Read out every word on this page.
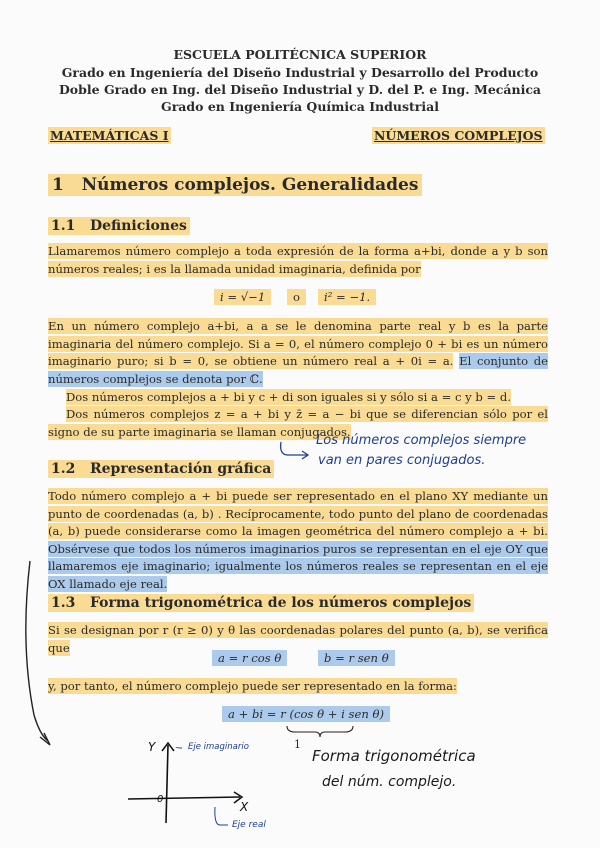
ESCUELA POLITÉCNICA SUPERIOR
Grado en Ingeniería del Diseño Industrial y Desarrollo del Producto
Doble Grado en Ing. del Diseño Industrial y D. del P. e Ing. Mecánica
Grado en Ingeniería Química Industrial
MATEMÁTICAS I	NÚMEROS COMPLEJOS
1 Números complejos. Generalidades
1.1 Definiciones
Llamaremos número complejo a toda expresión de la forma a+bi, donde a y b son números reales; i es la llamada unidad imaginaria, definida por
i = √−1	o	i² = −1.
En un número complejo a+bi, a a se le denomina parte real y b es la parte imaginaria del número complejo. Si a = 0, el número complejo 0 + bi es un número imaginario puro; si b = 0, se obtiene un número real a + 0i = a. El conjunto de números complejos se denota por ℂ.
Dos números complejos a + bi y c + di son iguales si y sólo si a = c y b = d.
Dos números complejos z = a + bi y z̄ = a − bi que se diferencian sólo por el signo de su parte imaginaria se llaman conjugados.
Los números complejos siempre
van en pares conjugados.
1.2 Representación gráfica
Todo número complejo a + bi puede ser representado en el plano XY mediante un punto de coordenadas (a, b) . Recíprocamente, todo punto del plano de coordenadas (a, b) puede considerarse como la imagen geométrica del número complejo a + bi. Obsérvese que todos los números imaginarios puros se representan en el eje OY que llamaremos eje imaginario; igualmente los números reales se representan en el eje OX llamado eje real.
1.3 Forma trigonométrica de los números complejos
Si se designan por r (r ≥ 0) y θ las coordenadas polares del punto (a, b), se verifica que
a = r cos θ	b = r sen θ
y, por tanto, el número complejo puede ser representado en la forma:
a + bi = r (cos θ + i sen θ)
1
Forma trigonométrica
del núm. complejo.
Y
X
0
Eje imaginario
Eje real
